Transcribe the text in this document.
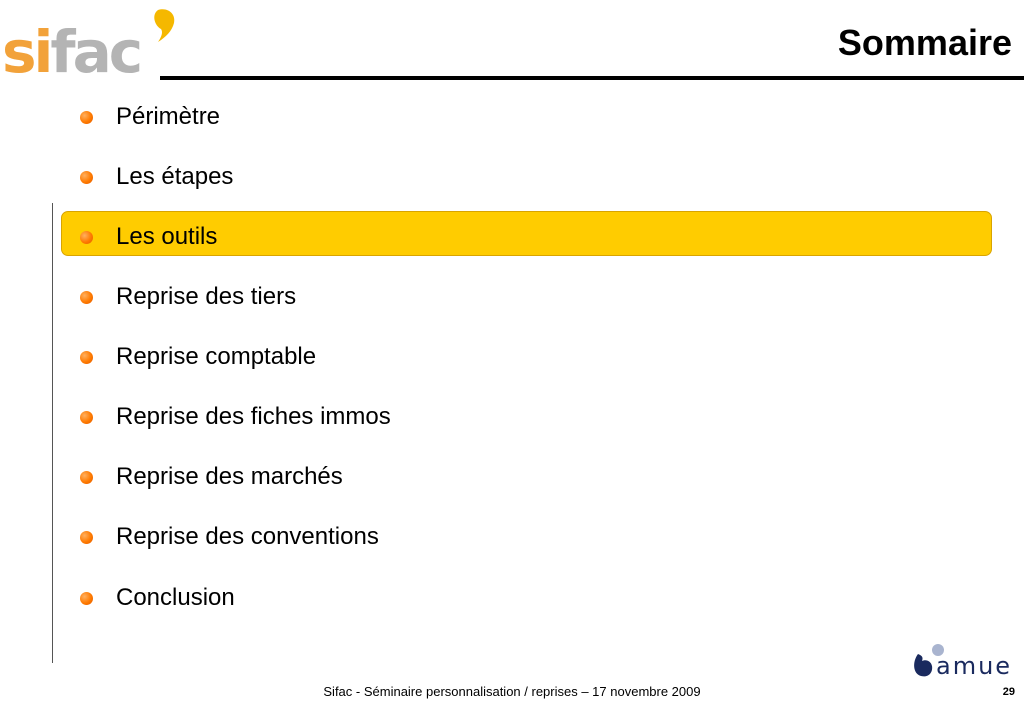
sifac	Sommaire
Périmètre
Les étapes
Les outils
Reprise des tiers
Reprise comptable
Reprise des fiches immos
Reprise des marchés
Reprise des conventions
Conclusion
amue
Sifac - Séminaire personnalisation / reprises – 17 novembre 2009	29
